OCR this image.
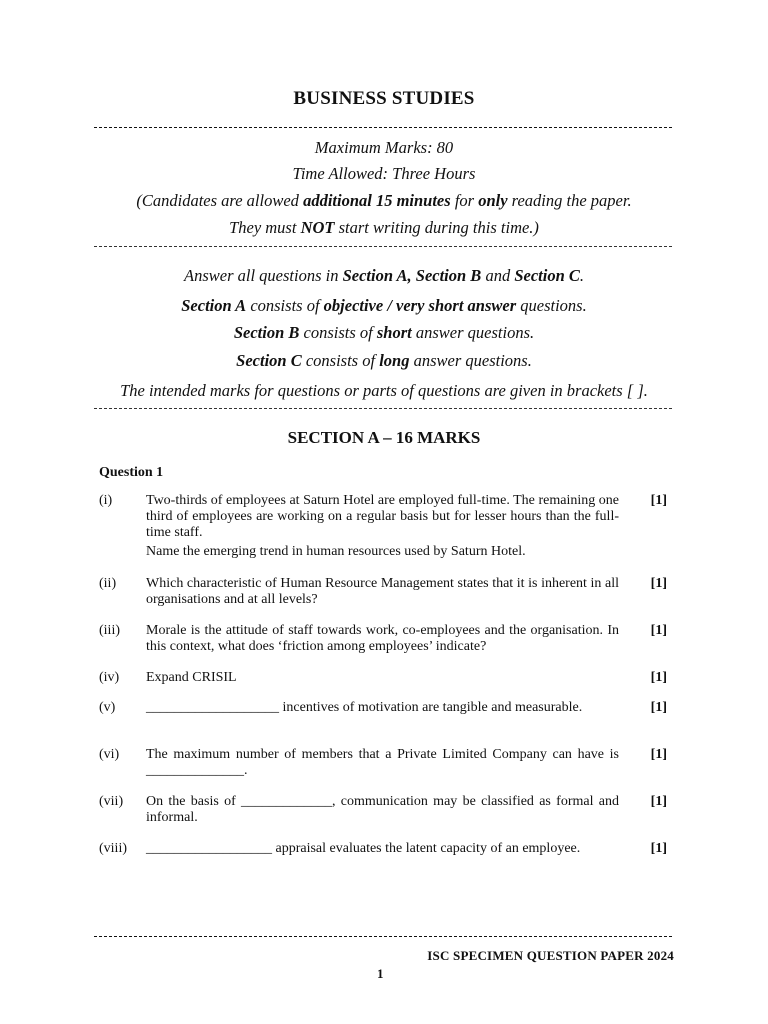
BUSINESS STUDIES
Maximum Marks: 80
Time Allowed: Three Hours
(Candidates are allowed additional 15 minutes for only reading the paper.
They must NOT start writing during this time.)
Answer all questions in Section A, Section B and Section C.
Section A consists of objective / very short answer questions.
Section B consists of short answer questions.
Section C consists of long answer questions.
The intended marks for questions or parts of questions are given in brackets [ ].
SECTION A – 16 MARKS
Question 1
(i) Two-thirds of employees at Saturn Hotel are employed full-time. The remaining one third of employees are working on a regular basis but for lesser hours than the full-time staff.

Name the emerging trend in human resources used by Saturn Hotel.

[1]
(ii) Which characteristic of Human Resource Management states that it is inherent in all organisations and at all levels?
[1]
(iii) Morale is the attitude of staff towards work, co-employees and the organisation. In this context, what does ‘friction among employees’ indicate?
[1]
(iv) Expand CRISIL	[1]
(v) ___________________ incentives of motivation are tangible and measurable.	[1]
(vi) The maximum number of members that a Private Limited Company can have is ______________.
[1]
(vii) On the basis of _____________, communication may be classified as formal and informal.
[1]
(viii) __________________ appraisal evaluates the latent capacity of an employee.	[1]
ISC SPECIMEN QUESTION PAPER 2024
1
